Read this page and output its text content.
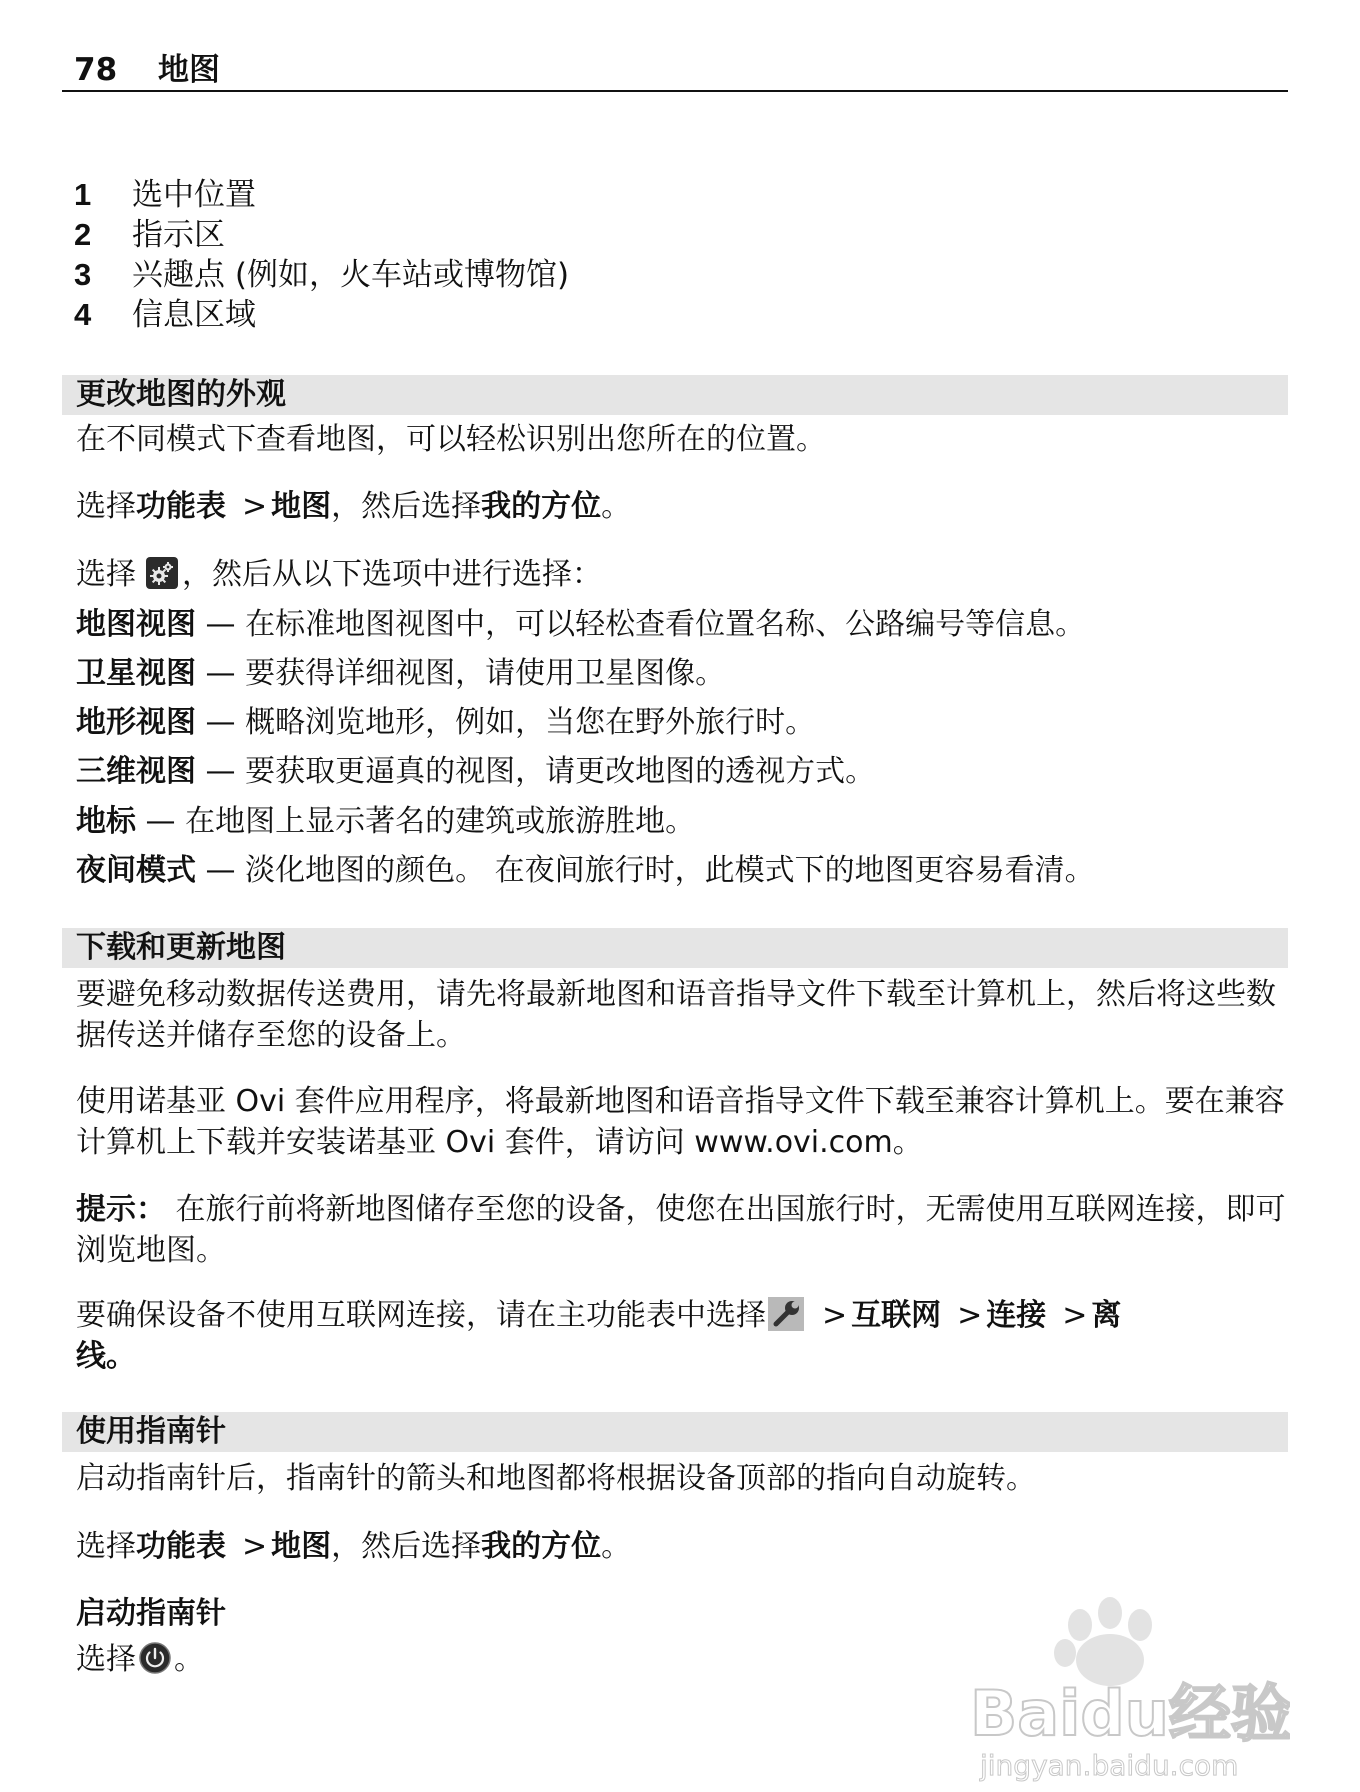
78 地图
1 选中位置
2 指示区
3 兴趣点 (例如，火车站或博物馆)
4 信息区域
更改地图的外观
在不同模式下查看地图，可以轻松识别出您所在的位置。
选择功能表 > 地图，然后选择我的方位。
选择 ，然后从以下选项中进行选择：
地图视图 — 在标准地图视图中，可以轻松查看位置名称、公路编号等信息。
卫星视图 — 要获得详细视图，请使用卫星图像。
地形视图 — 概略浏览地形，例如，当您在野外旅行时。
三维视图 — 要获取更逼真的视图，请更改地图的透视方式。
地标 — 在地图上显示著名的建筑或旅游胜地。
夜间模式 — 淡化地图的颜色。 在夜间旅行时，此模式下的地图更容易看清。
下载和更新地图
要避免移动数据传送费用，请先将最新地图和语音指导文件下载至计算机上，然后将这些数据传送并储存至您的设备上。
使用诺基亚 Ovi 套件应用程序，将最新地图和语音指导文件下载至兼容计算机上。要在兼容计算机上下载并安装诺基亚 Ovi 套件，请访问 www.ovi.com。
提示： 在旅行前将新地图储存至您的设备，使您在出国旅行时，无需使用互联网连接，即可浏览地图。
要确保设备不使用互联网连接，请在主功能表中选择 > 互联网 > 连接 > 离
线。
使用指南针
启动指南针后，指南针的箭头和地图都将根据设备顶部的指向自动旋转。
选择功能表 > 地图，然后选择我的方位。
启动指南针
选择 。
Baidu经验
jingyan.baidu.com
